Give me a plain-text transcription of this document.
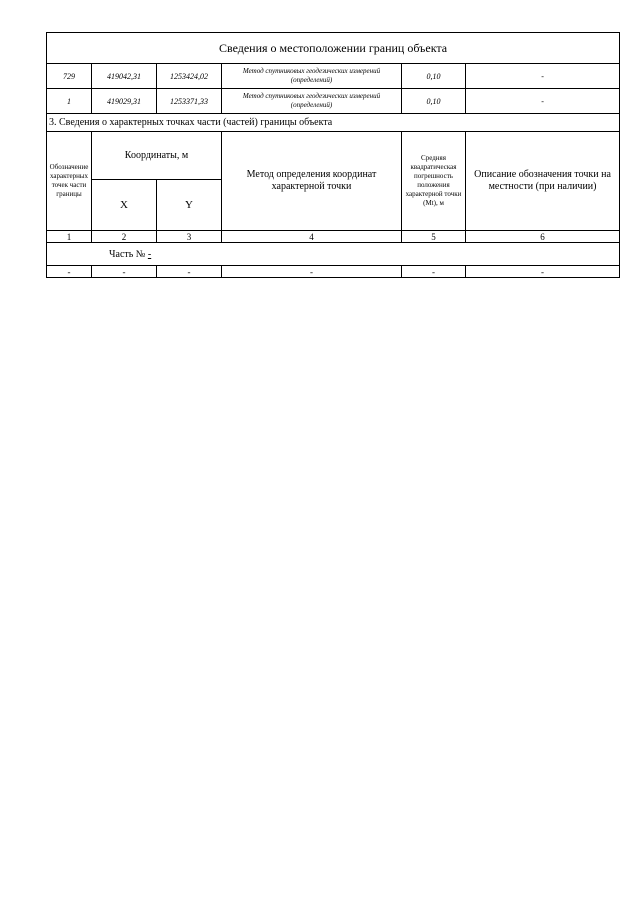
Сведения о местоположении границ объекта					
729	419042,31	1253424,02	Метод спутниковых геодезических измерений (определений)	0,10	-
1	419029,31	1253371,33	Метод спутниковых геодезических измерений (определений)	0,10	-
3. Сведения о характерных точках части (частей) границы объекта					
Обозначение характерных точек части границы	Координаты, м		Метод определения координат характерной точки	Средняя квадратическая погрешность положения характерной точки (Mt), м	Описание обозначения точки на местности (при наличии)
	X	Y			
1	2	3	4	5	6
Часть № -					
-	-	-	-	-	-
